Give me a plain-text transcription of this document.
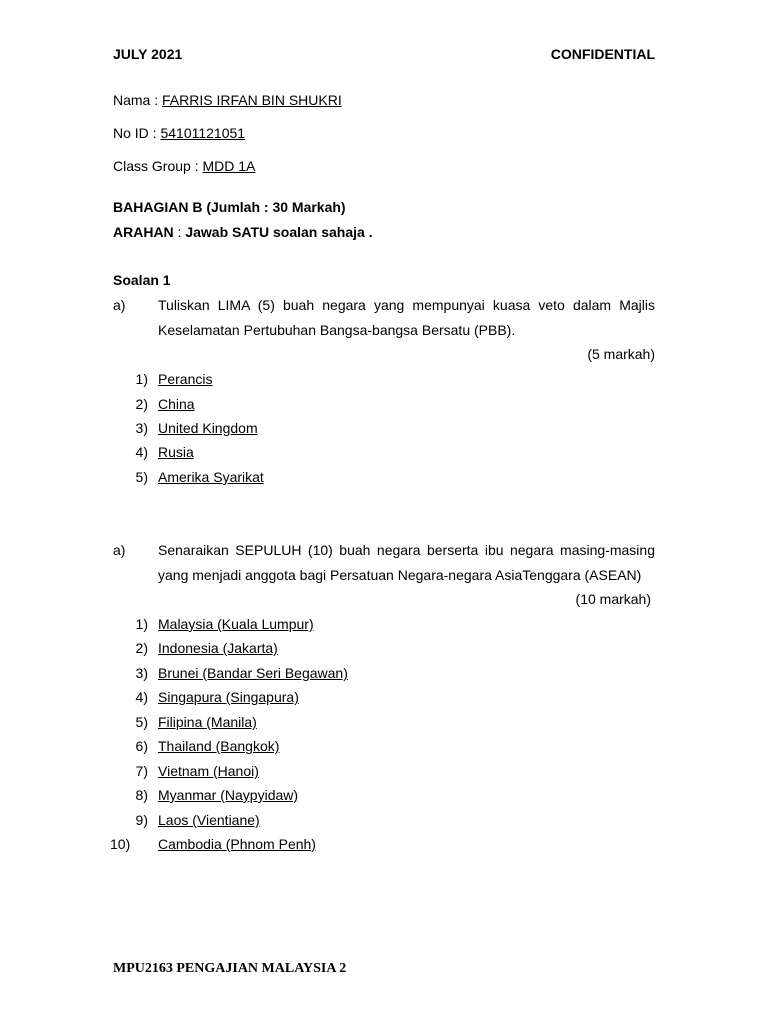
JULY 2021	CONFIDENTIAL
Nama : FARRIS IRFAN BIN SHUKRI
No ID : 54101121051
Class Group : MDD 1A
BAHAGIAN B (Jumlah : 30 Markah)
ARAHAN : Jawab SATU soalan sahaja .
Soalan 1
a) Tuliskan LIMA (5) buah negara yang mempunyai kuasa veto dalam Majlis
Keselamatan Pertubuhan Bangsa-bangsa Bersatu (PBB).
(5 markah)
1) Perancis
2) China
3) United Kingdom
4) Rusia
5) Amerika Syarikat
a) Senaraikan SEPULUH (10) buah negara berserta ibu negara masing-masing
yang menjadi anggota bagi Persatuan Negara-negara AsiaTenggara (ASEAN)
(10 markah)
1) Malaysia (Kuala Lumpur)
2) Indonesia (Jakarta)
3) Brunei (Bandar Seri Begawan)
4) Singapura (Singapura)
5) Filipina (Manila)
6) Thailand (Bangkok)
7) Vietnam (Hanoi)
8) Myanmar (Naypyidaw)
9) Laos (Vientiane)
10)	Cambodia (Phnom Penh)
MPU2163 PENGAJIAN MALAYSIA 2
